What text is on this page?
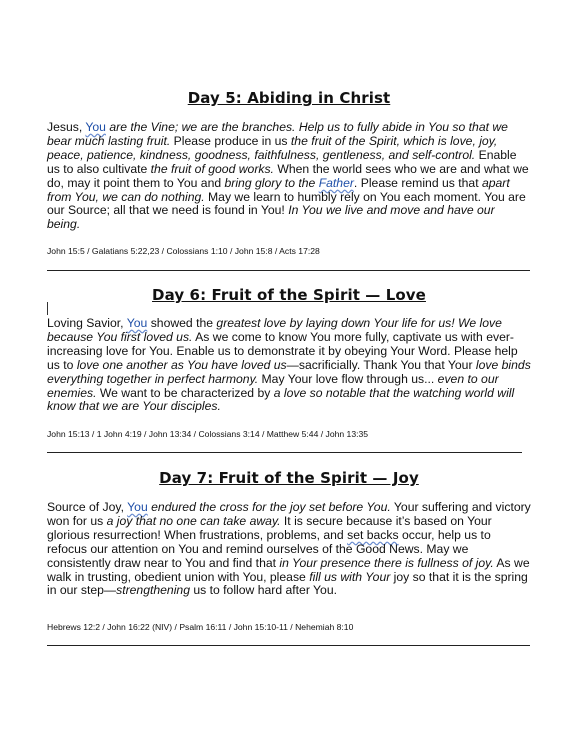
Day 5: Abiding in Christ

Jesus, You are the Vine; we are the branches. Help us to fully abide in You so that we bear much lasting fruit. Please produce in us the fruit of the Spirit, which is love, joy, peace, patience, kindness, goodness, faithfulness, gentleness, and self-control. Enable us to also cultivate the fruit of good works. When the world sees who we are and what we do, may it point them to You and bring glory to the Father. Please remind us that apart from You, we can do nothing. May we learn to humbly rely on You each moment. You are our Source; all that we need is found in You! In You we live and move and have our being.

John 15:5 / Galatians 5:22,23 / Colossians 1:10 / John 15:8 / Acts 17:28

Day 6: Fruit of the Spirit — Love

Loving Savior, You showed the greatest love by laying down Your life for us! We love because You first loved us. As we come to know You more fully, captivate us with ever-increasing love for You. Enable us to demonstrate it by obeying Your Word. Please help us to love one another as You have loved us—sacrificially. Thank You that Your love binds everything together in perfect harmony. May Your love flow through us... even to our enemies. We want to be characterized by a love so notable that the watching world will know that we are Your disciples.

John 15:13 / 1 John 4:19 / John 13:34 / Colossians 3:14 / Matthew 5:44 / John 13:35

Day 7: Fruit of the Spirit — Joy

Source of Joy, You endured the cross for the joy set before You. Your suffering and victory won for us a joy that no one can take away. It is secure because it’s based on Your glorious resurrection! When frustrations, problems, and set backs occur, help us to refocus our attention on You and remind ourselves of the Good News. May we consistently draw near to You and find that in Your presence there is fullness of joy. As we walk in trusting, obedient union with You, please fill us with Your joy so that it is the spring in our step—strengthening us to follow hard after You.

Hebrews 12:2 / John 16:22 (NIV) / Psalm 16:11 / John 15:10-11 / Nehemiah 8:10
